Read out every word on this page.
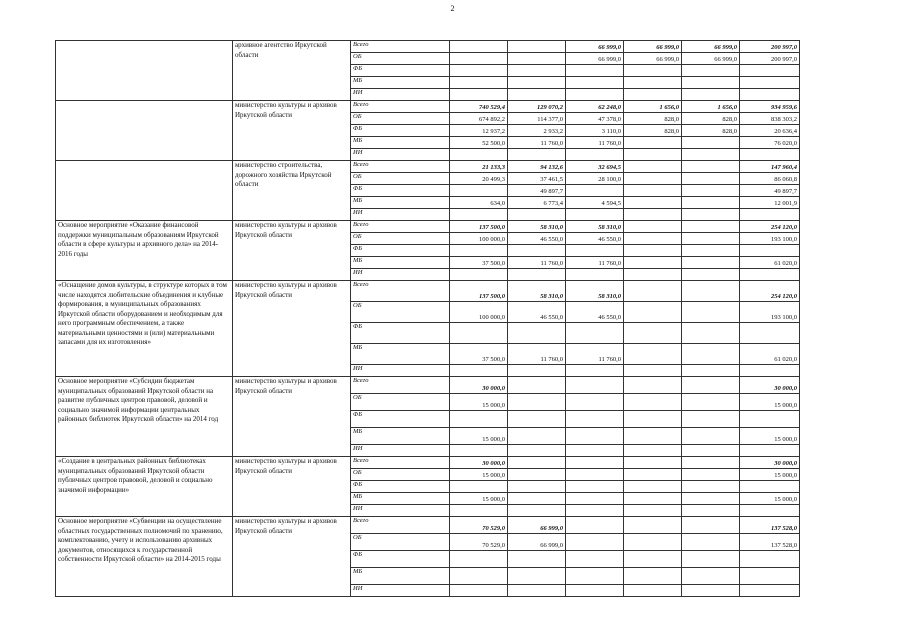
2
	архивное агентство Иркутской области	Всего			66 999,0	66 999,0	66 999,0	200 997,0
		ОБ			66 999,0	66 999,0	66 999,0	200 997,0
		ФБ						
		МБ						
		ИИ						
	министерство культуры и архивов Иркутской области	Всего	740 529,4	129 070,2	62 248,0	1 656,0	1 656,0	934 959,6
		ОБ	674 892,2	114 377,0	47 378,0	828,0	828,0	838 303,2
		ФБ	12 937,2	2 933,2	3 110,0	828,0	828,0	20 636,4
		МБ	52 500,0	11 760,0	11 760,0			76 020,0
		ИИ						
	министерство строительства, дорожного хозяйства Иркутской области	Всего	21 133,3	94 132,6	32 694,5			147 960,4
		ОБ	20 499,3	37 461,5	28 100,0			86 060,8
		ФБ		49 897,7				49 897,7
		МБ	634,0	6 773,4	4 594,5			12 001,9
		ИИ						
Основное мероприятие «Оказание финансовой поддержки муниципальным образованиям Иркутской области в сфере культуры и архивного дела» на 2014-2016 годы	министерство культуры и архивов Иркутской области	Всего	137 500,0	58 310,0	58 310,0			254 120,0
		ОБ	100 000,0	46 550,0	46 550,0			193 100,0
		ФБ						
		МБ	37 500,0	11 760,0	11 760,0			61 020,0
		ИИ						
«Оснащение домов культуры, в структуре которых в том числе находятся любительские объединения и клубные формирования, в муниципальных образованиях Иркутской области оборудованием и необходимым для него программным обеспечением, а также материальными ценностями и (или) материальными запасами для их изготовления»	министерство культуры и архивов Иркутской области	Всего	137 500,0	58 310,0	58 310,0			254 120,0
		ОБ	100 000,0	46 550,0	46 550,0			193 100,0
		ФБ						
		МБ	37 500,0	11 760,0	11 760,0			61 020,0
		ИИ						
Основное мероприятие «Субсидии бюджетам муниципальных образований Иркутской области на развитие публичных центров правовой, деловой и социально значимой информации центральных районных библиотек Иркутской области» на 2014 год	министерство культуры и архивов Иркутской области	Всего	30 000,0					30 000,0
		ОБ	15 000,0					15 000,0
		ФБ						
		МБ	15 000,0					15 000,0
		ИИ						
«Создание в центральных районных библиотеках муниципальных образований Иркутской области публичных центров правовой, деловой и социально значимой информации»	министерство культуры и архивов Иркутской области	Всего	30 000,0					30 000,0
		ОБ	15 000,0					15 000,0
		ФБ						
		МБ	15 000,0					15 000,0
		ИИ						
Основное мероприятие «Субвенции на осуществление областных государственных полномочий по хранению, комплектованию, учету и использованию архивных документов, относящихся к государственной собственности Иркутской области» на 2014-2015 годы	министерство культуры и архивов Иркутской области	Всего	70 529,0	66 999,0				137 528,0
		ОБ	70 529,0	66 999,0				137 528,0
		ФБ						
		МБ						
		ИИ						
